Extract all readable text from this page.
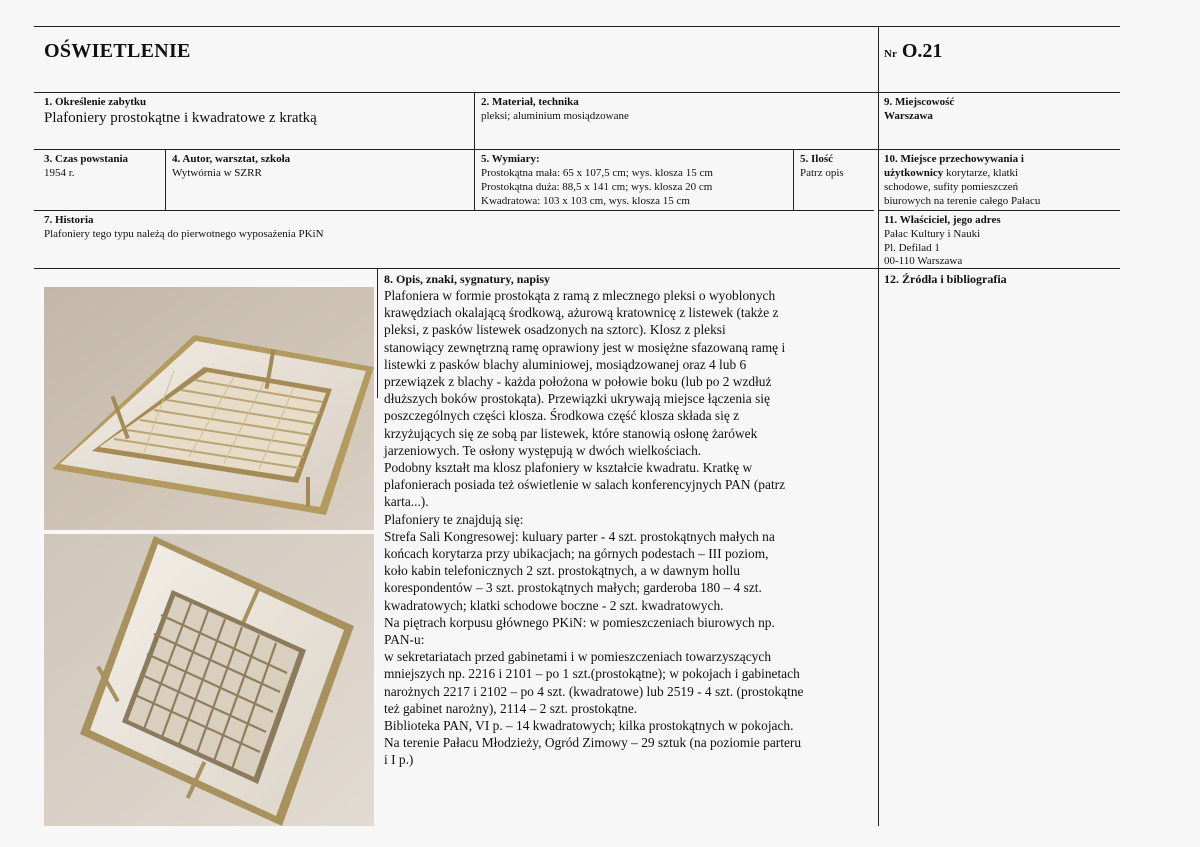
OŚWIETLENIE	Nr O.21
1. Określenie zabytku
Plafoniery prostokątne i kwadratowe z kratką
2. Materiał, technika
pleksi; aluminium mosiądzowane
9. Miejscowość
Warszawa
3. Czas powstania
1954 r.
4. Autor, warsztat, szkoła
Wytwórnia w SZRR
5. Wymiary:
Prostokątna mała: 65 x 107,5 cm; wys. klosza 15 cm
Prostokątna duża: 88,5 x 141 cm; wys. klosza 20 cm
Kwadratowa: 103 x 103 cm, wys. klosza 15 cm
5. Ilość
Patrz opis
10. Miejsce przechowywania i
użytkownicy korytarze, klatki
schodowe, sufity pomieszczeń
biurowych na terenie całego Pałacu
7. Historia
Plafoniery tego typu należą do pierwotnego wyposażenia PKiN
11. Właściciel, jego adres
Pałac Kultury i Nauki
Pl. Defilad 1
00-110 Warszawa
8. Opis, znaki, sygnatury, napisy

Plafoniera w formie prostokąta z ramą z mlecznego pleksi o wyoblonych

krawędziach okalającą środkową, ażurową kratownicę z listewek (także z

pleksi, z pasków listewek osadzonych na sztorc). Klosz z pleksi

stanowiący zewnętrzną ramę oprawiony jest w mosiężne sfazowaną ramę i

listewki z pasków blachy aluminiowej, mosiądzowanej oraz 4 lub 6

przewiązek z blachy - każda położona w połowie boku (lub po 2 wzdłuż

dłuższych boków prostokąta). Przewiązki ukrywają miejsce łączenia się

poszczególnych części klosza. Środkowa część klosza składa się z

krzyżujących się ze sobą par listewek, które stanowią osłonę żarówek

jarzeniowych. Te osłony występują w dwóch wielkościach.

Podobny kształt ma klosz plafoniery w kształcie kwadratu. Kratkę w

plafonierach posiada też oświetlenie w salach konferencyjnych PAN (patrz

karta...).

Plafoniery te znajdują się:

Strefa Sali Kongresowej: kuluary parter - 4 szt. prostokątnych małych na

końcach korytarza przy ubikacjach; na górnych podestach – III poziom,

koło kabin telefonicznych 2 szt. prostokątnych, a w dawnym hollu

korespondentów – 3 szt. prostokątnych małych; garderoba 180 – 4 szt.

kwadratowych; klatki schodowe boczne - 2 szt. kwadratowych.

Na piętrach korpusu głównego PKiN: w pomieszczeniach biurowych np.

PAN-u:

w sekretariatach przed gabinetami i w pomieszczeniach towarzyszących

mniejszych np. 2216 i 2101 – po 1 szt.(prostokątne); w pokojach i gabinetach

narożnych 2217 i 2102 – po 4 szt. (kwadratowe) lub 2519 - 4 szt. (prostokątne

też gabinet narożny), 2114 – 2 szt. prostokątne.

Biblioteka PAN, VI p. – 14 kwadratowych; kilka prostokątnych w pokojach.

Na terenie Pałacu Młodzieży, Ogród Zimowy – 29 sztuk (na poziomie parteru

i I p.)

12. Źródła i bibliografia
